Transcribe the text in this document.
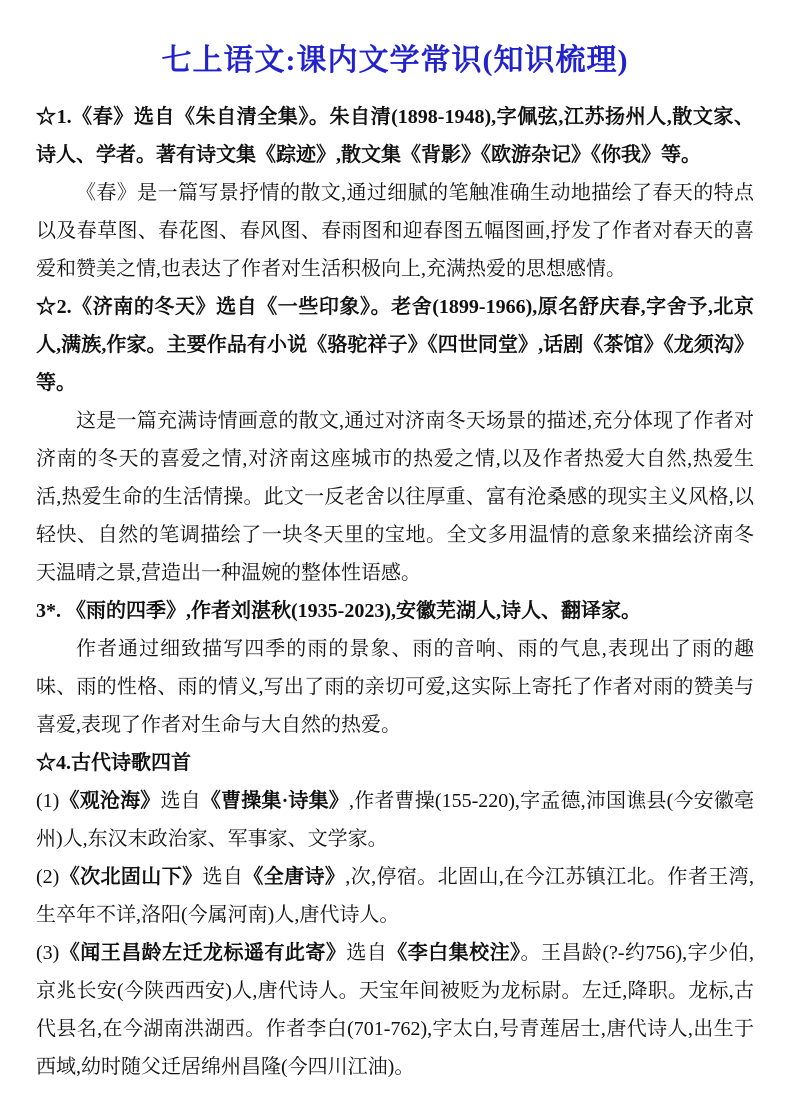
七上语文:课内文学常识(知识梳理)

☆1.《春》选自《朱自清全集》。朱自清(1898-1948),字佩弦,江苏扬州人,散文家、诗人、学者。著有诗文集《踪迹》,散文集《背影》《欧游杂记》《你我》等。

《春》是一篇写景抒情的散文,通过细腻的笔触准确生动地描绘了春天的特点以及春草图、春花图、春风图、春雨图和迎春图五幅图画,抒发了作者对春天的喜爱和赞美之情,也表达了作者对生活积极向上,充满热爱的思想感情。

☆2.《济南的冬天》选自《一些印象》。老舍(1899-1966),原名舒庆春,字舍予,北京人,满族,作家。主要作品有小说《骆驼祥子》《四世同堂》,话剧《茶馆》《龙须沟》等。

这是一篇充满诗情画意的散文,通过对济南冬天场景的描述,充分体现了作者对济南的冬天的喜爱之情,对济南这座城市的热爱之情,以及作者热爱大自然,热爱生活,热爱生命的生活情操。此文一反老舍以往厚重、富有沧桑感的现实主义风格,以轻快、自然的笔调描绘了一块冬天里的宝地。全文多用温情的意象来描绘济南冬天温晴之景,营造出一种温婉的整体性语感。

3*. 《雨的四季》,作者刘湛秋(1935-2023),安徽芜湖人,诗人、翻译家。

作者通过细致描写四季的雨的景象、雨的音响、雨的气息,表现出了雨的趣味、雨的性格、雨的情义,写出了雨的亲切可爱,这实际上寄托了作者对雨的赞美与喜爱,表现了作者对生命与大自然的热爱。

☆4.古代诗歌四首

(1)《观沧海》选自《曹操集·诗集》,作者曹操(155-220),字孟德,沛国谯县(今安徽亳州)人,东汉末政治家、军事家、文学家。

(2)《次北固山下》选自《全唐诗》,次,停宿。北固山,在今江苏镇江北。作者王湾,生卒年不详,洛阳(今属河南)人,唐代诗人。

(3)《闻王昌龄左迁龙标遥有此寄》选自《李白集校注》。王昌龄(?-约756),字少伯,京兆长安(今陕西西安)人,唐代诗人。天宝年间被贬为龙标尉。左迁,降职。龙标,古代县名,在今湖南洪湖西。作者李白(701-762),字太白,号青莲居士,唐代诗人,出生于西域,幼时随父迁居绵州昌隆(今四川江油)。
